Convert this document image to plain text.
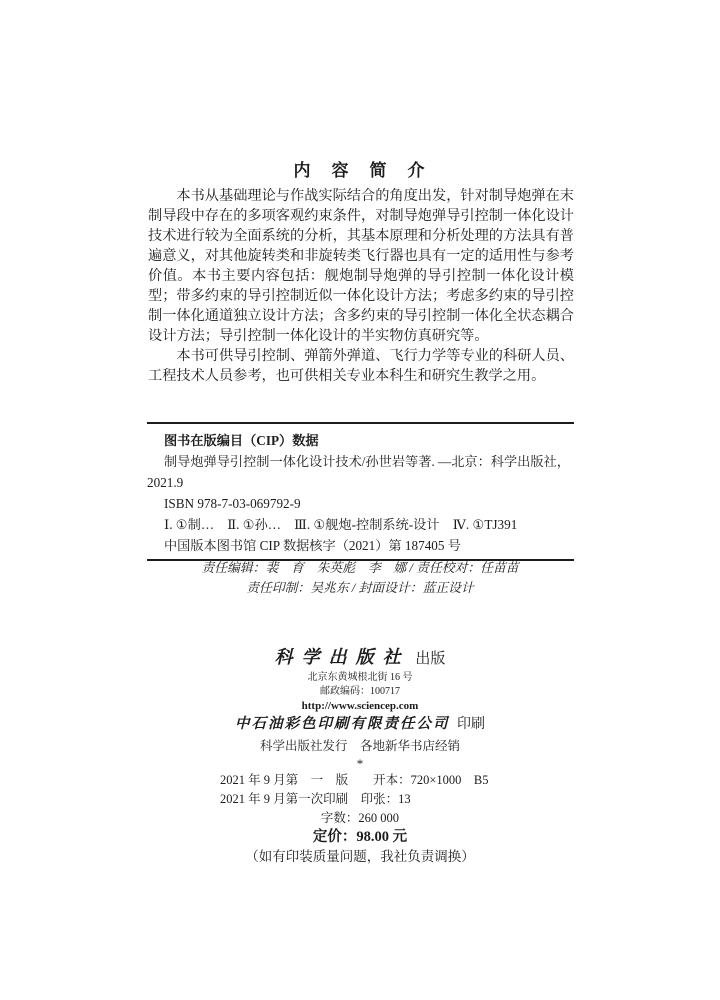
内　容　简　介

本书从基础理论与作战实际结合的角度出发，针对制导炮弹在末制导段中存在的多项客观约束条件，对制导炮弹导引控制一体化设计技术进行较为全面系统的分析，其基本原理和分析处理的方法具有普遍意义，对其他旋转类和非旋转类飞行器也具有一定的适用性与参考价值。本书主要内容包括：舰炮制导炮弹的导引控制一体化设计模型；带多约束的导引控制近似一体化设计方法；考虑多约束的导引控制一体化通道独立设计方法；含多约束的导引控制一体化全状态耦合设计方法；导引控制一体化设计的半实物仿真研究等。

本书可供导引控制、弹箭外弹道、飞行力学等专业的科研人员、工程技术人员参考，也可供相关专业本科生和研究生教学之用。

图书在版编目（CIP）数据
制导炮弹导引控制一体化设计技术/孙世岩等著. —北京：科学出版社，
2021.9
ISBN 978-7-03-069792-9
Ⅰ. ①制…　Ⅱ. ①孙…　Ⅲ. ①舰炮-控制系统-设计　Ⅳ. ①TJ391
中国版本图书馆 CIP 数据核字（2021）第 187405 号
责任编辑：裴　育　朱英彪　李　娜 / 责任校对：任苗苗
责任印制：吴兆东 / 封面设计：蓝正设计
科学出版社 出版
北京东黄城根北街 16 号
邮政编码：100717
http://www.sciencep.com
中石油彩色印刷有限责任公司 印刷
科学出版社发行　各地新华书店经销
*
2021 年 9 月第　一　版　　开本：720×1000　B5
2021 年 9 月第一次印刷　印张：13
字数：260 000
定价：98.00 元
（如有印装质量问题，我社负责调换）
